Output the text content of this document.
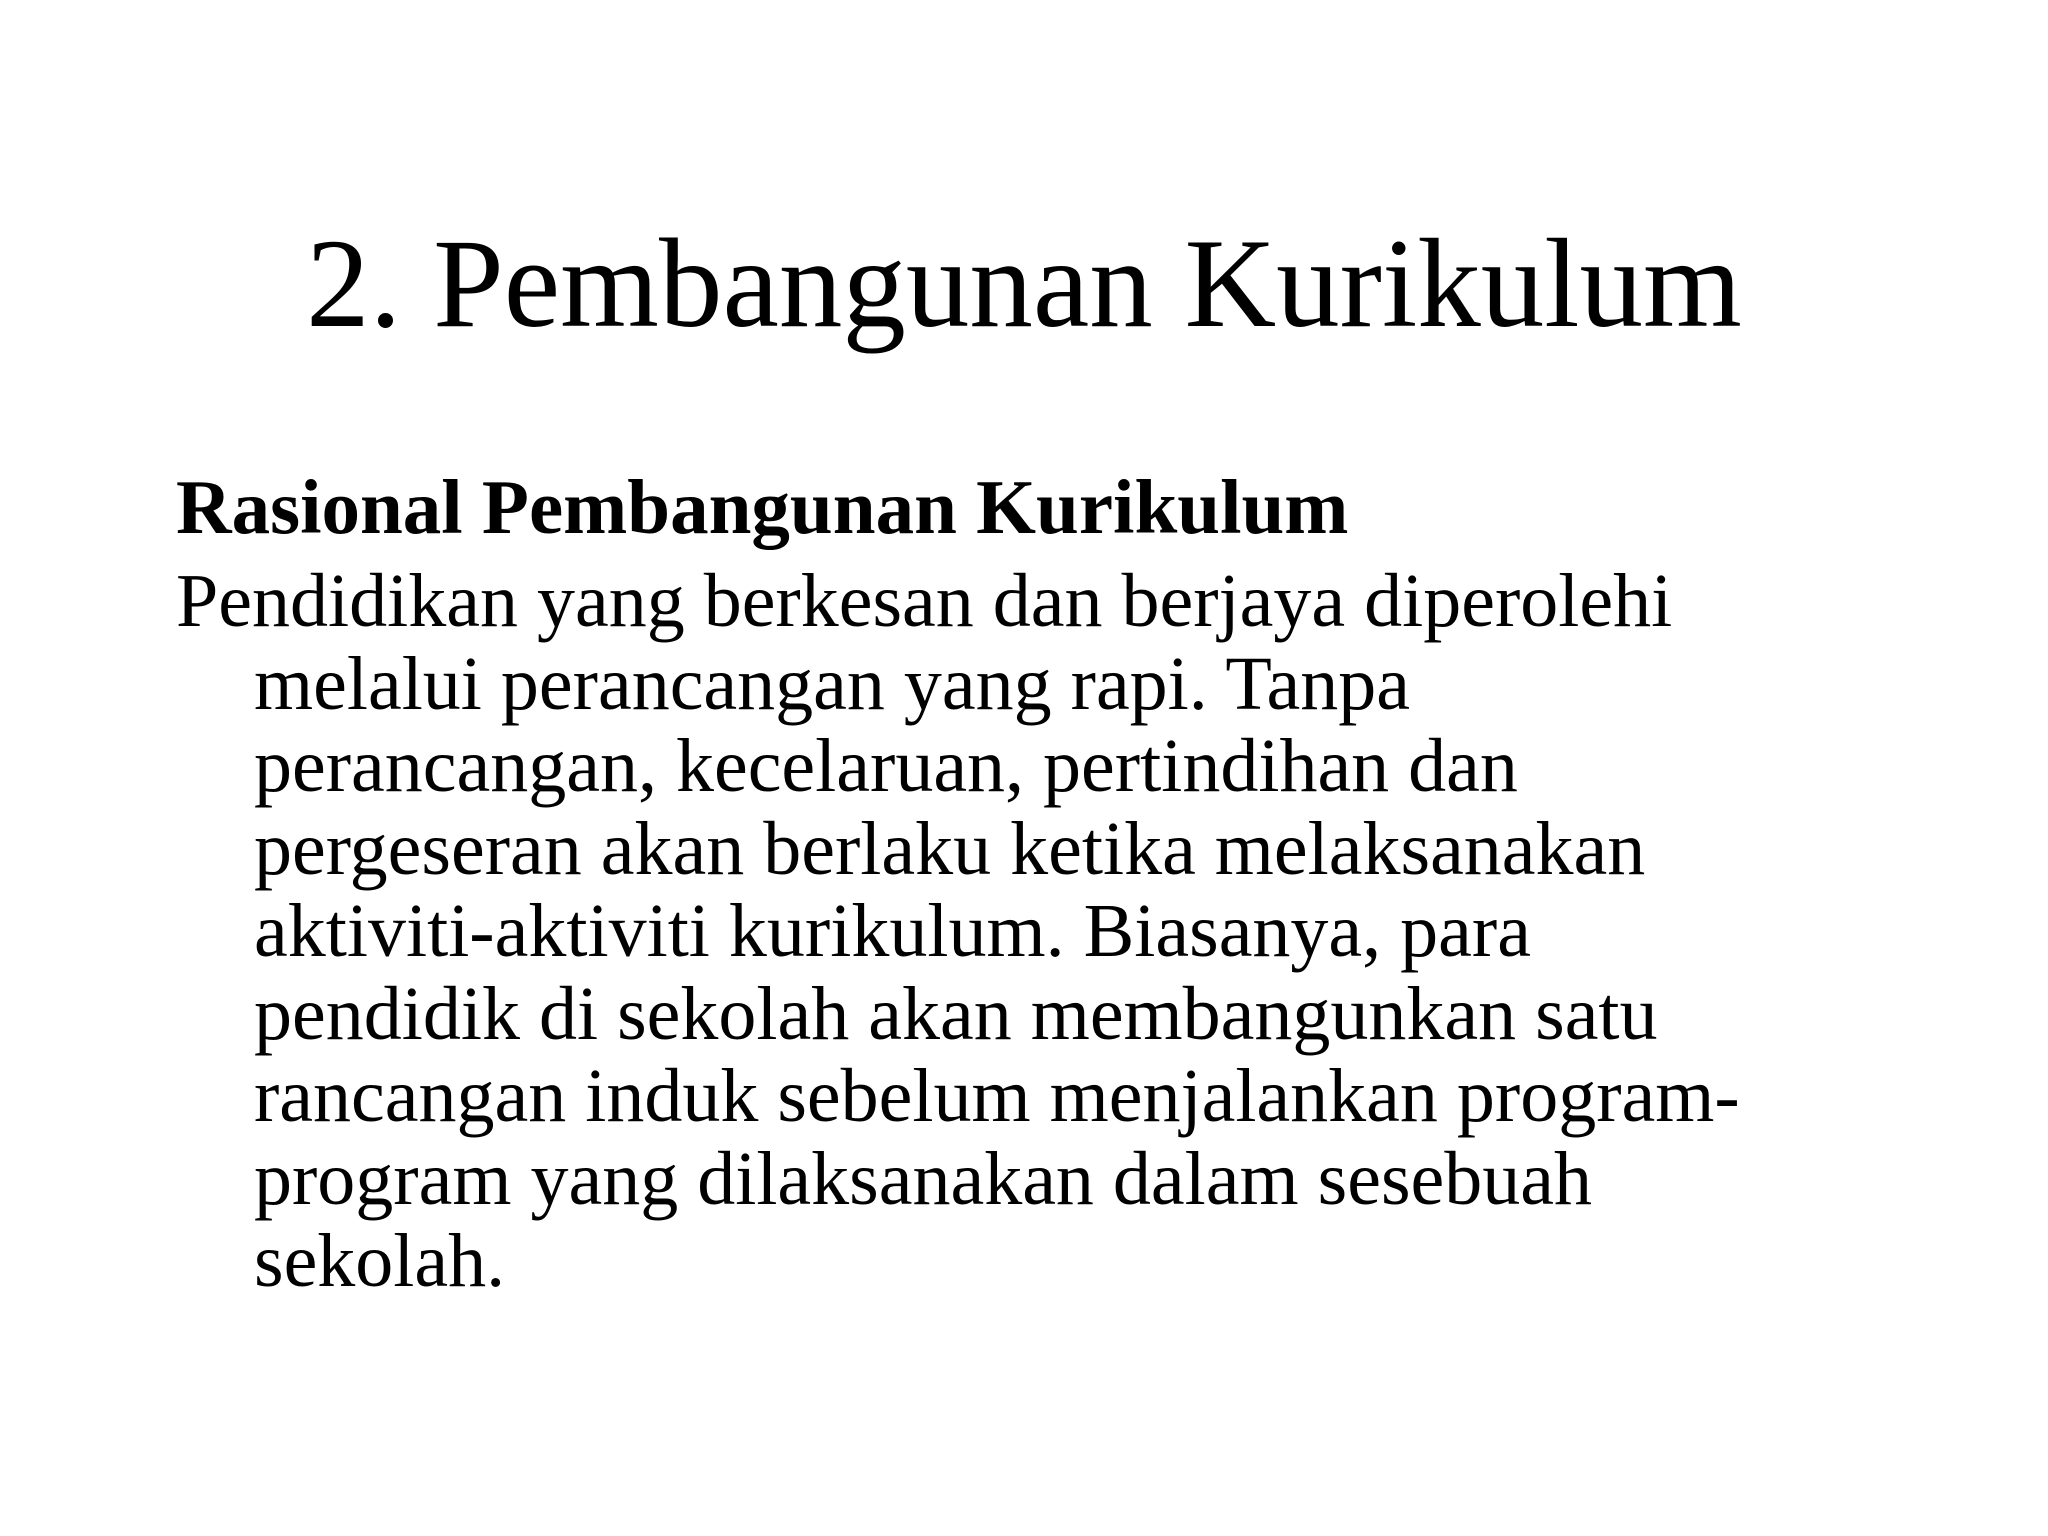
2. Pembangunan Kurikulum
Rasional Pembangunan Kurikulum
Pendidikan yang berkesan dan berjaya diperolehi
melalui perancangan yang rapi. Tanpa
perancangan, kecelaruan, pertindihan dan
pergeseran akan berlaku ketika melaksanakan
aktiviti-aktiviti kurikulum. Biasanya, para
pendidik di sekolah akan membangunkan satu
rancangan induk sebelum menjalankan program-
program yang dilaksanakan dalam sesebuah
sekolah.
